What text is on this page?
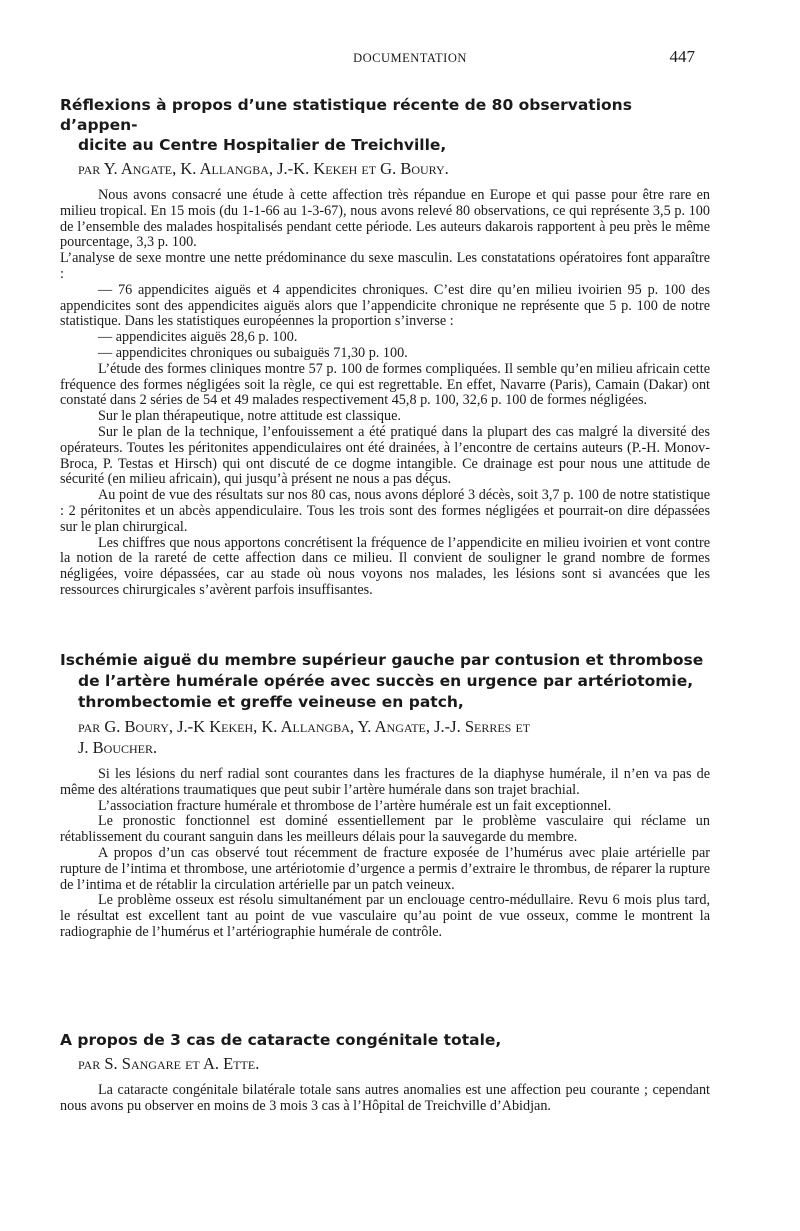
DOCUMENTATION	447
Réflexions à propos d’une statistique récente de 80 observations d’appen-
dicite au Centre Hospitalier de Treichville,
par Y. Angate, K. Allangba, J.-K. Kekeh et G. Boury.

Nous avons consacré une étude à cette affection très répandue en Europe et qui passe pour être rare en milieu tropical. En 15 mois (du 1-1-66 au 1-3-67), nous avons relevé 80 observations, ce qui représente 3,5 p. 100 de l’ensemble des malades hospitalisés pendant cette période. Les auteurs dakarois rapportent à peu près le même pourcentage, 3,3 p. 100.

L’analyse de sexe montre une nette prédominance du sexe masculin. Les constatations opératoires font apparaître :

— 76 appendicites aiguës et 4 appendicites chroniques. C’est dire qu’en milieu ivoirien 95 p. 100 des appendicites sont des appendicites aiguës alors que l’appendicite chronique ne représente que 5 p. 100 de notre statistique. Dans les statistiques européennes la proportion s’inverse :

— appendicites aiguës 28,6 p. 100.

— appendicites chroniques ou subaiguës 71,30 p. 100.

L’étude des formes cliniques montre 57 p. 100 de formes compliquées. Il semble qu’en milieu africain cette fréquence des formes négligées soit la règle, ce qui est regrettable. En effet, Navarre (Paris), Camain (Dakar) ont constaté dans 2 séries de 54 et 49 malades respectivement 45,8 p. 100, 32,6 p. 100 de formes négligées.

Sur le plan thérapeutique, notre attitude est classique.

Sur le plan de la technique, l’enfouissement a été pratiqué dans la plupart des cas malgré la diversité des opérateurs. Toutes les péritonites appendiculaires ont été drainées, à l’encontre de certains auteurs (P.-H. Monov-Broca, P. Testas et Hirsch) qui ont discuté de ce dogme intangible. Ce drainage est pour nous une attitude de sécurité (en milieu africain), qui jusqu’à présent ne nous a pas déçus.

Au point de vue des résultats sur nos 80 cas, nous avons déploré 3 décès, soit 3,7 p. 100 de notre statistique : 2 péritonites et un abcès appendiculaire. Tous les trois sont des formes négligées et pourrait-on dire dépassées sur le plan chirurgical.

Les chiffres que nous apportons concrétisent la fréquence de l’appendicite en milieu ivoirien et vont contre la notion de la rareté de cette affection dans ce milieu. Il convient de souligner le grand nombre de formes négligées, voire dépassées, car au stade où nous voyons nos malades, les lésions sont si avancées que les ressources chirurgicales s’avèrent parfois insuffisantes.

Ischémie aiguë du membre supérieur gauche par contusion et thrombose
de l’artère humérale opérée avec succès en urgence par artériotomie,
thrombectomie et greffe veineuse en patch,
par G. Boury, J.-K Kekeh, K. Allangba, Y. Angate, J.-J. Serres et
J. Boucher.

Si les lésions du nerf radial sont courantes dans les fractures de la diaphyse humérale, il n’en va pas de même des altérations traumatiques que peut subir l’artère humérale dans son trajet brachial.

L’association fracture humérale et thrombose de l’artère humérale est un fait exceptionnel.

Le pronostic fonctionnel est dominé essentiellement par le problème vasculaire qui réclame un rétablissement du courant sanguin dans les meilleurs délais pour la sauvegarde du membre.

A propos d’un cas observé tout récemment de fracture exposée de l’humérus avec plaie artérielle par rupture de l’intima et thrombose, une artériotomie d’urgence a permis d’extraire le thrombus, de réparer la rupture de l’intima et de rétablir la circulation artérielle par un patch veineux.

Le problème osseux est résolu simultanément par un enclouage centro-médullaire. Revu 6 mois plus tard, le résultat est excellent tant au point de vue vasculaire qu’au point de vue osseux, comme le montrent la radiographie de l’humérus et l’artériographie humérale de contrôle.

A propos de 3 cas de cataracte congénitale totale,
par S. Sangare et A. Ette.

La cataracte congénitale bilatérale totale sans autres anomalies est une affection peu courante ; cependant nous avons pu observer en moins de 3 mois 3 cas à l’Hôpital de Treichville d’Abidjan.
